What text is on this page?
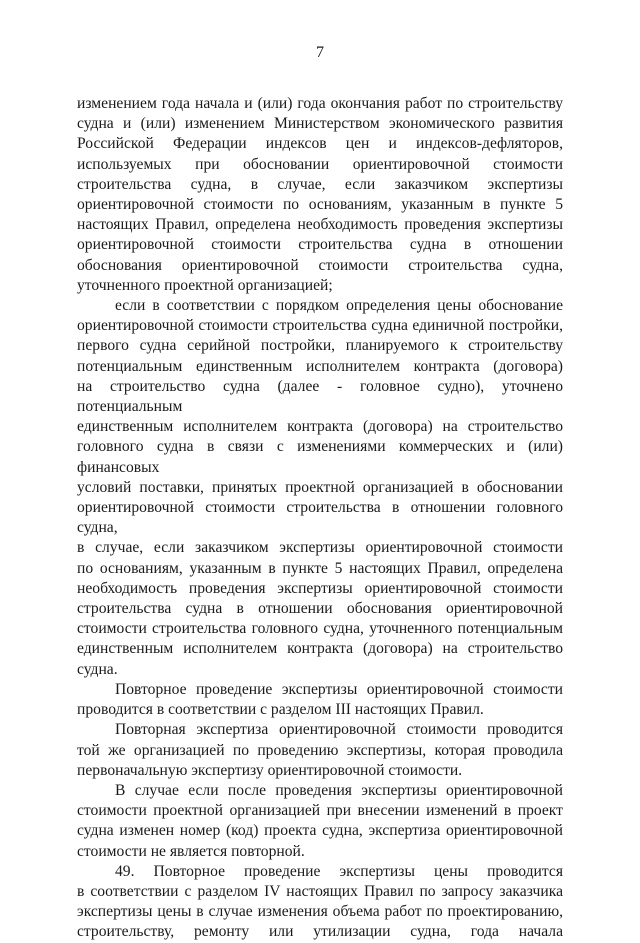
7

изменением года начала и (или) года окончания работ по строительству

судна и (или) изменением Министерством экономического развития

Российской Федерации индексов цен и индексов-дефляторов,

используемых при обосновании ориентировочной стоимости

строительства судна, в случае, если заказчиком экспертизы

ориентировочной стоимости по основаниям, указанным в пункте 5

настоящих Правил, определена необходимость проведения экспертизы

ориентировочной стоимости строительства судна в отношении

обоснования ориентировочной стоимости строительства судна,

уточненного проектной организацией;

если в соответствии с порядком определения цены обоснование

ориентировочной стоимости строительства судна единичной постройки,

первого судна серийной постройки, планируемого к строительству

потенциальным единственным исполнителем контракта (договора)

на строительство судна (далее - головное судно), уточнено потенциальным

единственным исполнителем контракта (договора) на строительство

головного судна в связи с изменениями коммерческих и (или) финансовых

условий поставки, принятых проектной организацией в обосновании

ориентировочной стоимости строительства в отношении головного судна,

в случае, если заказчиком экспертизы ориентировочной стоимости

по основаниям, указанным в пункте 5 настоящих Правил, определена

необходимость проведения экспертизы ориентировочной стоимости

строительства судна в отношении обоснования ориентировочной

стоимости строительства головного судна, уточненного потенциальным

единственным исполнителем контракта (договора) на строительство судна.

Повторное проведение экспертизы ориентировочной стоимости

проводится в соответствии с разделом III настоящих Правил.

Повторная экспертиза ориентировочной стоимости проводится

той же организацией по проведению экспертизы, которая проводила

первоначальную экспертизу ориентировочной стоимости.

В случае если после проведения экспертизы ориентировочной

стоимости проектной организацией при внесении изменений в проект

судна изменен номер (код) проекта судна, экспертиза ориентировочной

стоимости не является повторной.

49. Повторное проведение экспертизы цены проводится

в соответствии с разделом IV настоящих Правил по запросу заказчика

экспертизы цены в случае изменения объема работ по проектированию,

строительству, ремонту или утилизации судна, года начала
